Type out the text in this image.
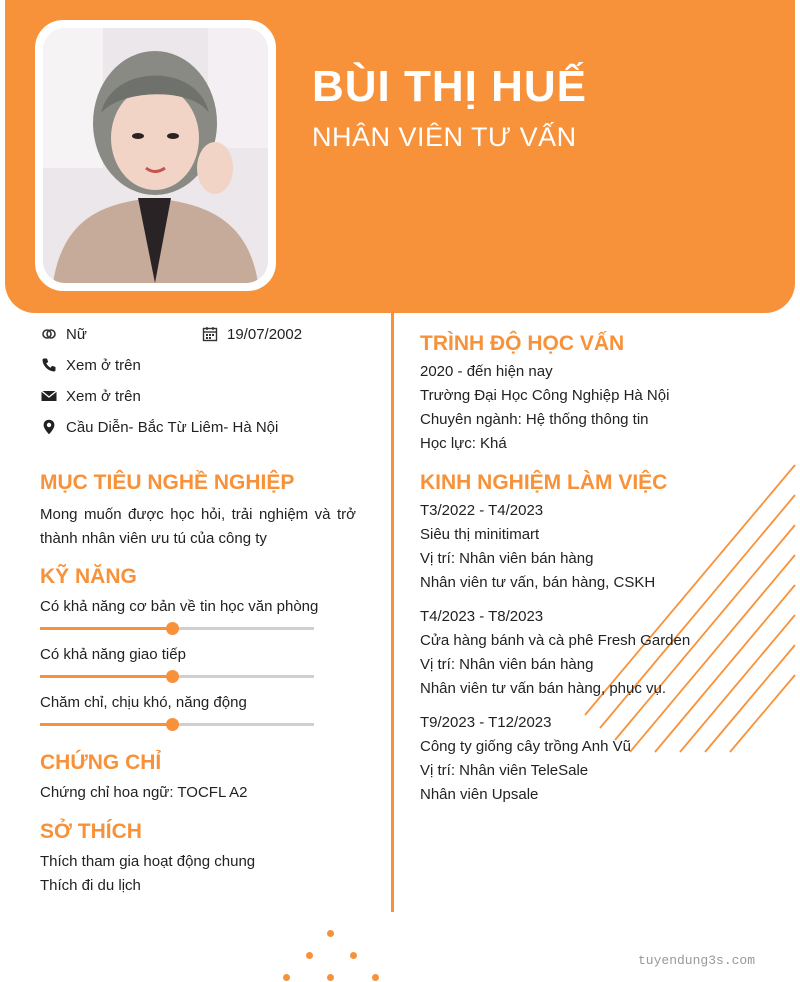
BÙI THỊ HUẾ
NHÂN VIÊN TƯ VẤN
Nữ	19/07/2002
Xem ở trên
Xem ở trên
Cầu Diễn- Bắc Từ Liêm- Hà Nội
MỤC TIÊU NGHỀ NGHIỆP
Mong muốn được học hỏi, trải nghiệm và trở thành nhân viên ưu tú của công ty
KỸ NĂNG
Có khả năng cơ bản về tin học văn phòng
Có khả năng giao tiếp
Chăm chỉ, chịu khó, năng động
CHỨNG CHỈ
Chứng chỉ hoa ngữ: TOCFL A2
SỞ THÍCH
Thích tham gia hoạt động chung
Thích đi du lịch
TRÌNH ĐỘ HỌC VẤN
2020 - đến hiện nay
Trường Đại Học Công Nghiệp Hà Nội
Chuyên ngành: Hệ thống thông tin
Học lực: Khá
KINH NGHIỆM LÀM VIỆC
T3/2022 - T4/2023
Siêu thị minitimart
Vị trí: Nhân viên bán hàng
Nhân viên tư vấn, bán hàng, CSKH
T4/2023 - T8/2023
Cửa hàng bánh và cà phê Fresh Garden
Vị trí: Nhân viên bán hàng
Nhân viên tư vấn bán hàng, phục vụ.
T9/2023 - T12/2023
Công ty giống cây trồng Anh Vũ
Vị trí: Nhân viên TeleSale
Nhân viên Upsale
tuyendung3s.com
